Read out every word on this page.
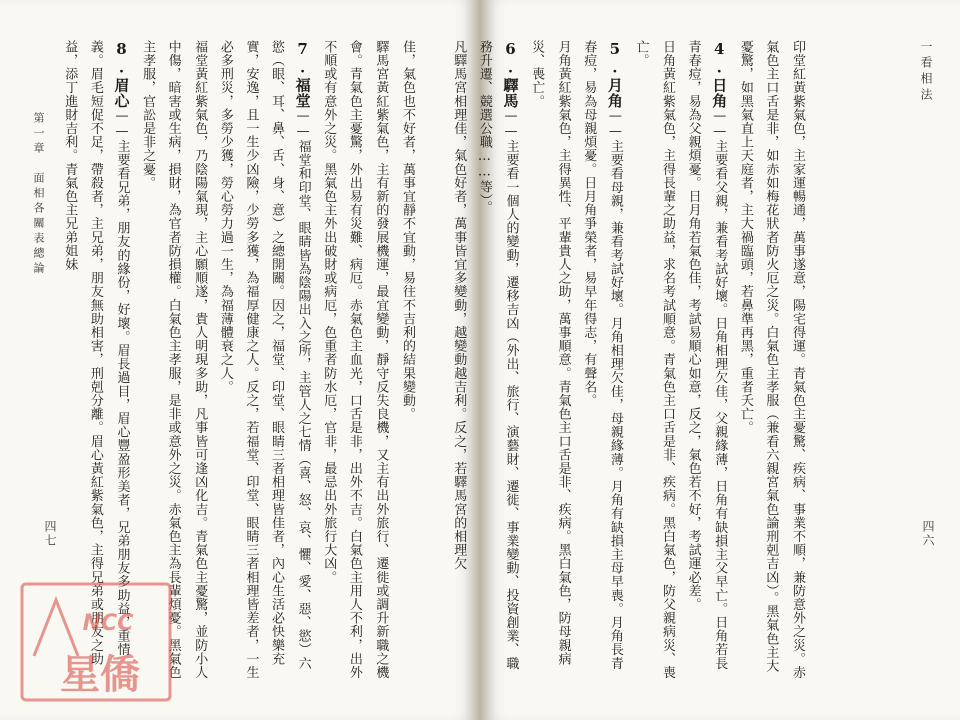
一看相法

印堂紅黃紫氣色，主家運暢通，萬事遂意，陽宅得運。青氣色主憂驚、疾病、事業不順，兼防意外之災。赤氣色主口舌是非，如赤如梅花狀者防火厄之災。白氣色主孝服（兼看六親宮氣色論刑剋吉凶）。黑氣色主大憂驚，如黑氣直上天庭者，主大禍臨頭，若鼻準再黑，重者夭亡。

4.日角——主要看父親，兼看考試好壞。日角相理欠佳，父親緣薄，日角有缺損主父早亡。日角若長青春痘，易為父親煩憂。日月角若氣色佳，考試易順心如意，反之，氣色若不好，考試運必差。

日角黃紅紫氣色，主得長輩之助益，求名考試順意。青氣色主口舌是非、疾病。黑白氣色，防父親病災、喪亡。

5.月角——主要看母親，兼看考試好壞。月角相理欠佳，母親緣薄。月角有缺損主母早喪。月角長青春痘，易為母親煩憂。日月角爭榮者，易早年得志，有聲名。

月角黃紅紫氣色，主得異性、平輩貴人之助，萬事順意。青氣色主口舌是非、疾病。黑白氣色，防母親病災、喪亡。

6.驛馬——主要看一個人的變動，遷移吉凶（外出、旅行、演藝財、遷徙、事業變動、投資創業、職務升遷、競選公職……等）。

凡驛馬宮相理佳，氣色好者，萬事皆宜多變動，越變動越吉利。反之，若驛馬宮的相理欠	四六
第一章　面相各關表總論	佳，氣色也不好者，萬事宜靜不宜動，易往不吉利的結果變動。

驛馬宮黃紅紫氣色，主有新的發展機運，最宜變動，靜守反失良機，又主有出外旅行、遷徙或調升新職之機會。青氣色主憂驚，外出易有災難、病厄。赤氣色主血光，口舌是非，出外不吉。白氣色主用人不利，出外不順或有意外之災。黑氣色主外出破財或病厄，色重者防水厄，官非，最忌出外旅行大凶。

7.福堂——福堂和印堂、眼睛皆為陰陽出入之所，主管人之七情（喜、怒、哀、懼、愛、惡、慾）六慾（眼、耳、鼻、舌、身、意）之總開關。因之，福堂、印堂、眼睛三者相理皆佳者，內心生活必快樂充實，安逸，且一生少凶險，少勞多獲，為福厚健康之人。反之，若福堂、印堂、眼睛三者相理皆差者，一生必多刑災，多勞少獲，勞心勞力過一生，為福薄體衰之人。

福堂黃紅紫氣色，乃陰陽氣現，主心願順遂，貴人明現多助，凡事皆可逢凶化吉。青氣色主憂驚，並防小人中傷，暗害或生病，損財，為官者防損權。白氣色主孝服，是非或意外之災。赤氣色主為長輩煩憂。黑氣色主孝服，官訟是非之憂。

8.眉心——主要看兄弟，朋友的緣份，好壞。眉長過目，眉心豐盈形美者，兄弟朋友多助益，重情義。眉毛短促不足，帶殺者，主兄弟，朋友無助相害，刑剋分離。眉心黃紅紫氣色，主得兄弟或朋友之助益，添丁進財吉利。青氣色主兄弟姐妹

四七
NCC
星僑
